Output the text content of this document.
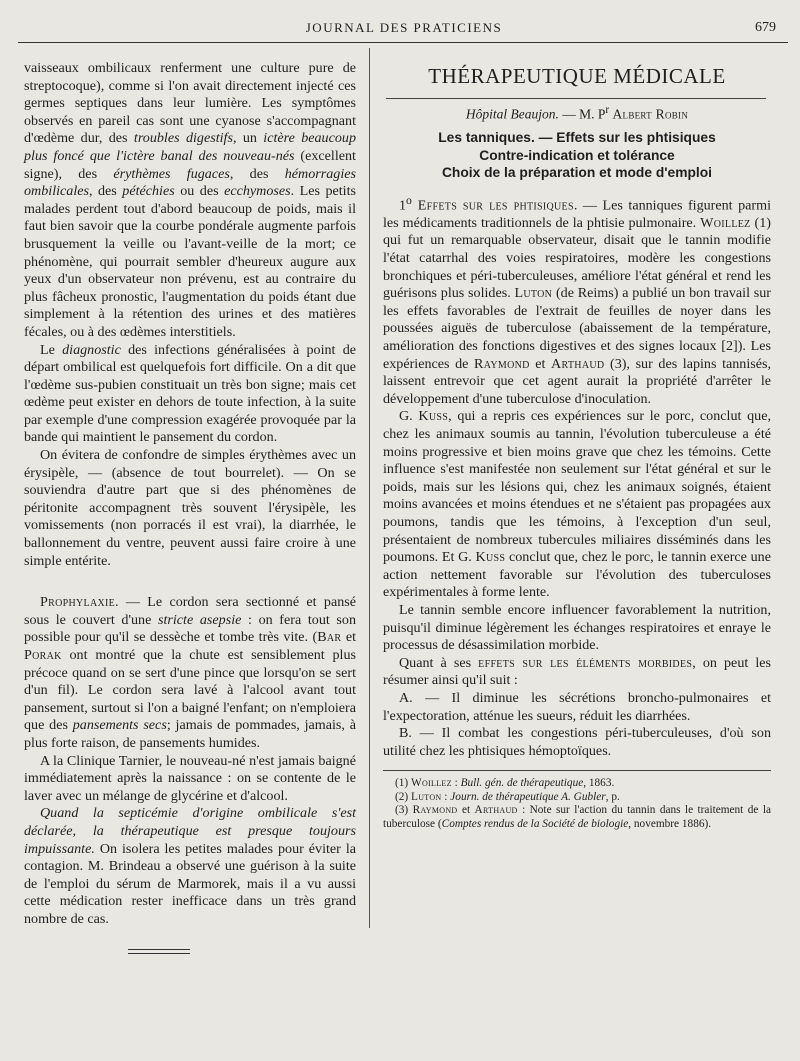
JOURNAL DES PRATICIENS	679

vaisseaux ombilicaux renferment une culture pure de streptocoque), comme si l'on avait directement injecté ces germes septiques dans leur lumière. Les symptômes observés en pareil cas sont une cyanose s'accompagnant d'œdème dur, des troubles digestifs, un ictère beaucoup plus foncé que l'ictère banal des nouveau-nés (excellent signe), des érythèmes fugaces, des hémorragies ombilicales, des pétéchies ou des ecchymoses. Les petits malades perdent tout d'abord beaucoup de poids, mais il faut bien savoir que la courbe pondérale augmente parfois brusquement la veille ou l'avant-veille de la mort; ce phénomène, qui pourrait sembler d'heureux augure aux yeux d'un observateur non prévenu, est au contraire du plus fâcheux pronostic, l'augmentation du poids étant due simplement à la rétention des urines et des matières fécales, ou à des œdèmes interstitiels.

Le diagnostic des infections généralisées à point de départ ombilical est quelquefois fort difficile. On a dit que l'œdème sus-pubien constituait un très bon signe; mais cet œdème peut exister en dehors de toute infection, à la suite par exemple d'une compression exagérée provoquée par la bande qui maintient le pansement du cordon.

On évitera de confondre de simples érythèmes avec un érysipèle, — (absence de tout bourrelet). — On se souviendra d'autre part que si des phénomènes de péritonite accompagnent très souvent l'érysipèle, les vomissements (non porracés il est vrai), la diarrhée, le ballonnement du ventre, peuvent aussi faire croire à une simple entérite.

Prophylaxie. — Le cordon sera sectionné et pansé sous le couvert d'une stricte asepsie : on fera tout son possible pour qu'il se dessèche et tombe très vite. (Bar et Porak ont montré que la chute est sensiblement plus précoce quand on se sert d'une pince que lorsqu'on se sert d'un fil). Le cordon sera lavé à l'alcool avant tout pansement, surtout si l'on a baigné l'enfant; on n'emploiera que des pansements secs; jamais de pommades, jamais, à plus forte raison, de pansements humides.

A la Clinique Tarnier, le nouveau-né n'est jamais baigné immédiatement après la naissance : on se contente de le laver avec un mélange de glycérine et d'alcool.

Quand la septicémie d'origine ombilicale s'est déclarée, la thérapeutique est presque toujours impuissante. On isolera les petites malades pour éviter la contagion. M. Brindeau a observé une guérison à la suite de l'emploi du sérum de Marmorek, mais il a vu aussi cette médication rester inefficace dans un très grand nombre de cas.

THÉRAPEUTIQUE MÉDICALE
Hôpital Beaujon. — M. $P^r$ Albert Robin
Les tanniques. — Effets sur les phtisiques
Contre-indication et tolérance
Choix de la préparation et mode d'emploi

1$^o$ Effets sur les phtisiques. — Les tanniques figurent parmi les médicaments traditionnels de la phtisie pulmonaire. Woillez (1) qui fut un remarquable observateur, disait que le tannin modifie l'état catarrhal des voies respiratoires, modère les congestions bronchiques et péri-tuberculeuses, améliore l'état général et rend les guérisons plus solides. Luton (de Reims) a publié un bon travail sur les effets favorables de l'extrait de feuilles de noyer dans les poussées aiguës de tuberculose (abaissement de la température, amélioration des fonctions digestives et des signes locaux [2]). Les expériences de Raymond et Arthaud (3), sur des lapins tannisés, laissent entrevoir que cet agent aurait la propriété d'arrêter le développement d'une tuberculose d'inoculation.

G. Kuss, qui a repris ces expériences sur le porc, conclut que, chez les animaux soumis au tannin, l'évolution tuberculeuse a été moins progressive et bien moins grave que chez les témoins. Cette influence s'est manifestée non seulement sur l'état général et sur le poids, mais sur les lésions qui, chez les animaux soignés, étaient moins avancées et moins étendues et ne s'étaient pas propagées aux poumons, tandis que les témoins, à l'exception d'un seul, présentaient de nombreux tubercules miliaires disséminés dans les poumons. Et G. Kuss conclut que, chez le porc, le tannin exerce une action nettement favorable sur l'évolution des tuberculoses expérimentales à forme lente.

Le tannin semble encore influencer favorablement la nutrition, puisqu'il diminue légèrement les échanges respiratoires et enraye le processus de désassimilation morbide.

Quant à ses effets sur les éléments morbides, on peut les résumer ainsi qu'il suit :

A. — Il diminue les sécrétions broncho-pulmonaires et l'expectoration, atténue les sueurs, réduit les diarrhées.

B. — Il combat les congestions péri-tuberculeuses, d'où son utilité chez les phtisiques hémoptoïques.

(1) Woillez : Bull. gén. de thérapeutique, 1863.
(2) Luton : Journ. de thérapeutique A. Gubler, p.
(3) Raymond et Arthaud : Note sur l'action du tannin dans le traitement de la tuberculose (Comptes rendus de la Société de biologie, novembre 1886).
